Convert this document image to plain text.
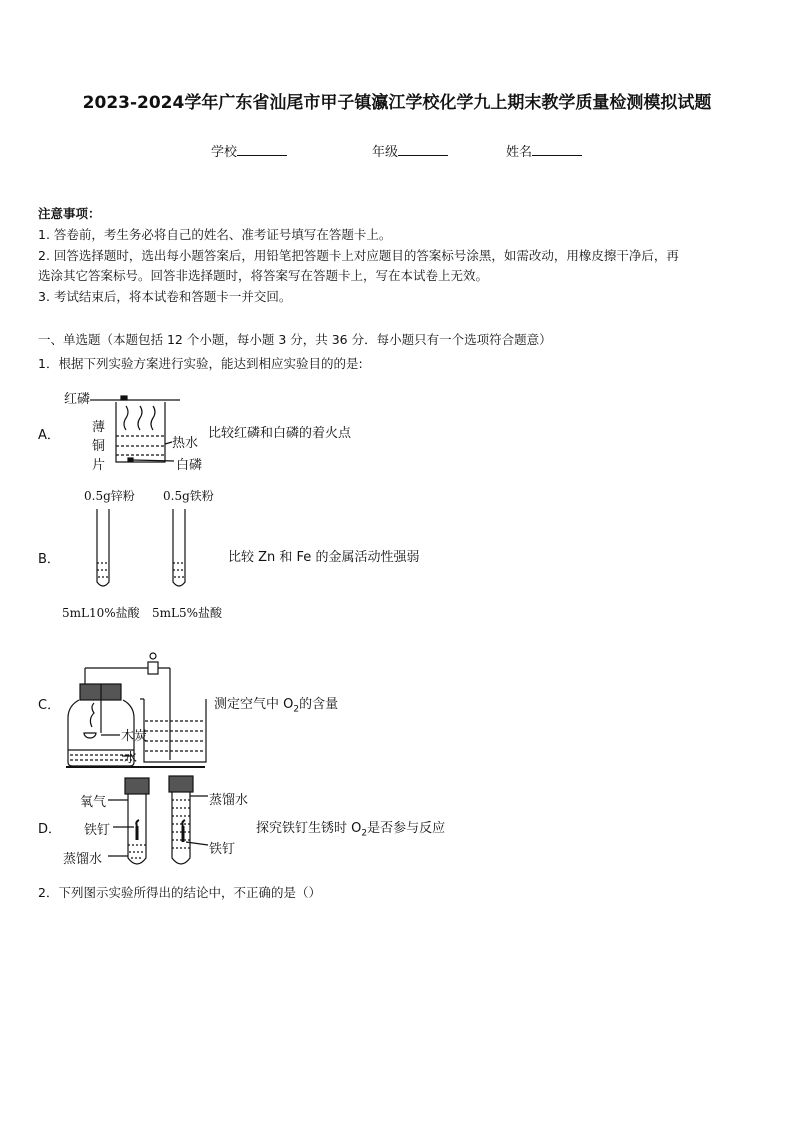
2023-2024学年广东省汕尾市甲子镇瀛江学校化学九上期末教学质量检测模拟试题
学校	年级	姓名
注意事项：
1. 答卷前，考生务必将自己的姓名、准考证号填写在答题卡上。
2. 回答选择题时，选出每小题答案后，用铅笔把答题卡上对应题目的答案标号涂黑，如需改动，用橡皮擦干净后，再
选涂其它答案标号。回答非选择题时，将答案写在答题卡上，写在本试卷上无效。
3. 考试结束后，将本试卷和答题卡一并交回。
一、单选题（本题包括 12 个小题，每小题 3 分，共 36 分．每小题只有一个选项符合题意）
1．根据下列实验方案进行实验，能达到相应实验目的的是:
A．
红磷
薄
铜
片
热水
白磷
比较红磷和白磷的着火点
B．
0.5g锌粉 0.5g铁粉
5mL10%盐酸 5mL5%盐酸
比较 Zn 和 Fe 的金属活动性强弱
C．
木炭
水
测定空气中 $O_2$的含量
D．
氧气
铁钉
蒸馏水
蒸馏水
铁钉
探究铁钉生锈时 $O_2$是否参与反应
2．下列图示实验所得出的结论中，不正确的是（）
